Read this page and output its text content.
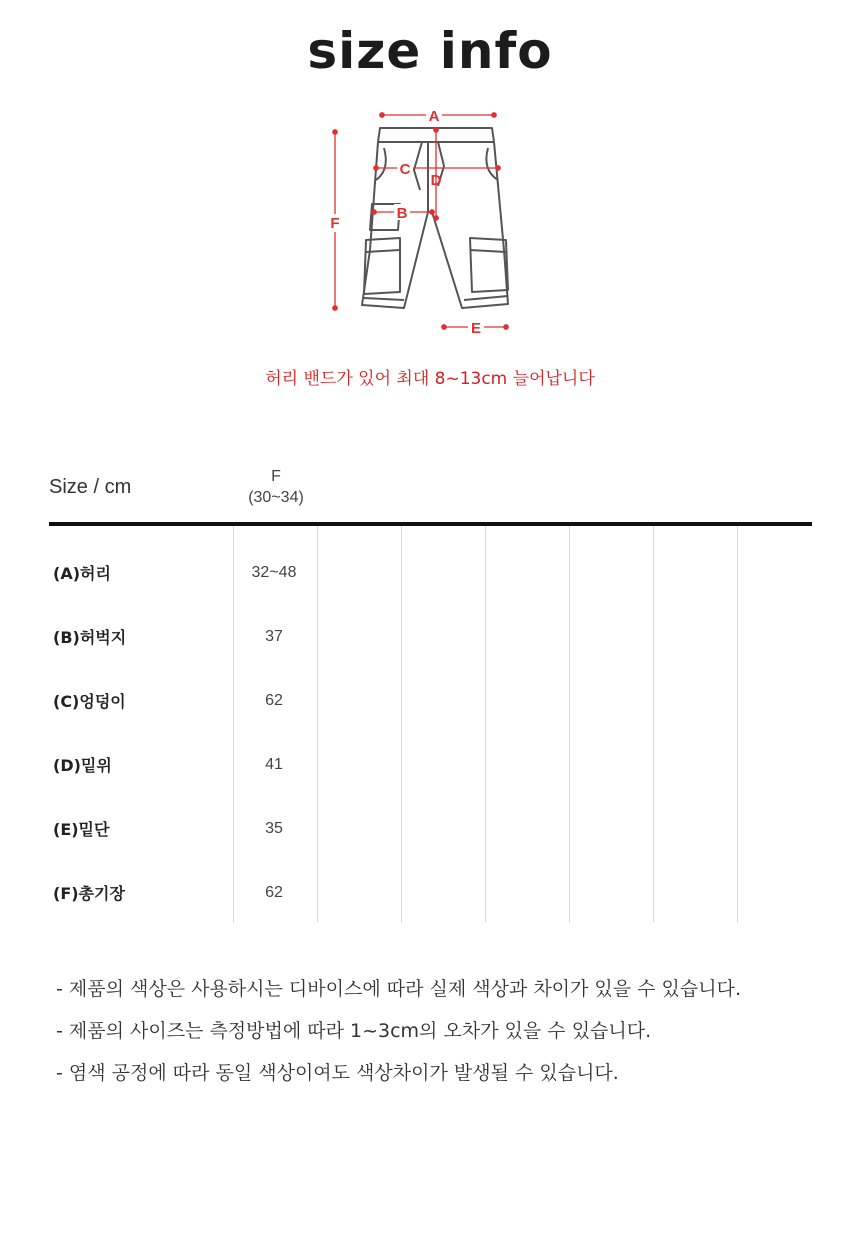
size info
A
C
D
B
F
E
허리 밴드가 있어 최대 8~13cm 늘어납니다
Size / cm	F
(30~34)
(A)허리	32~48
(B)허벅지	37
(C)엉덩이	62
(D)밑위	41
(E)밑단	35
(F)총기장	62
- 제품의 색상은 사용하시는 디바이스에 따라 실제 색상과 차이가 있을 수 있습니다.
- 제품의 사이즈는 측정방법에 따라 1~3cm의 오차가 있을 수 있습니다.
- 염색 공정에 따라 동일 색상이여도 색상차이가 발생될 수 있습니다.
